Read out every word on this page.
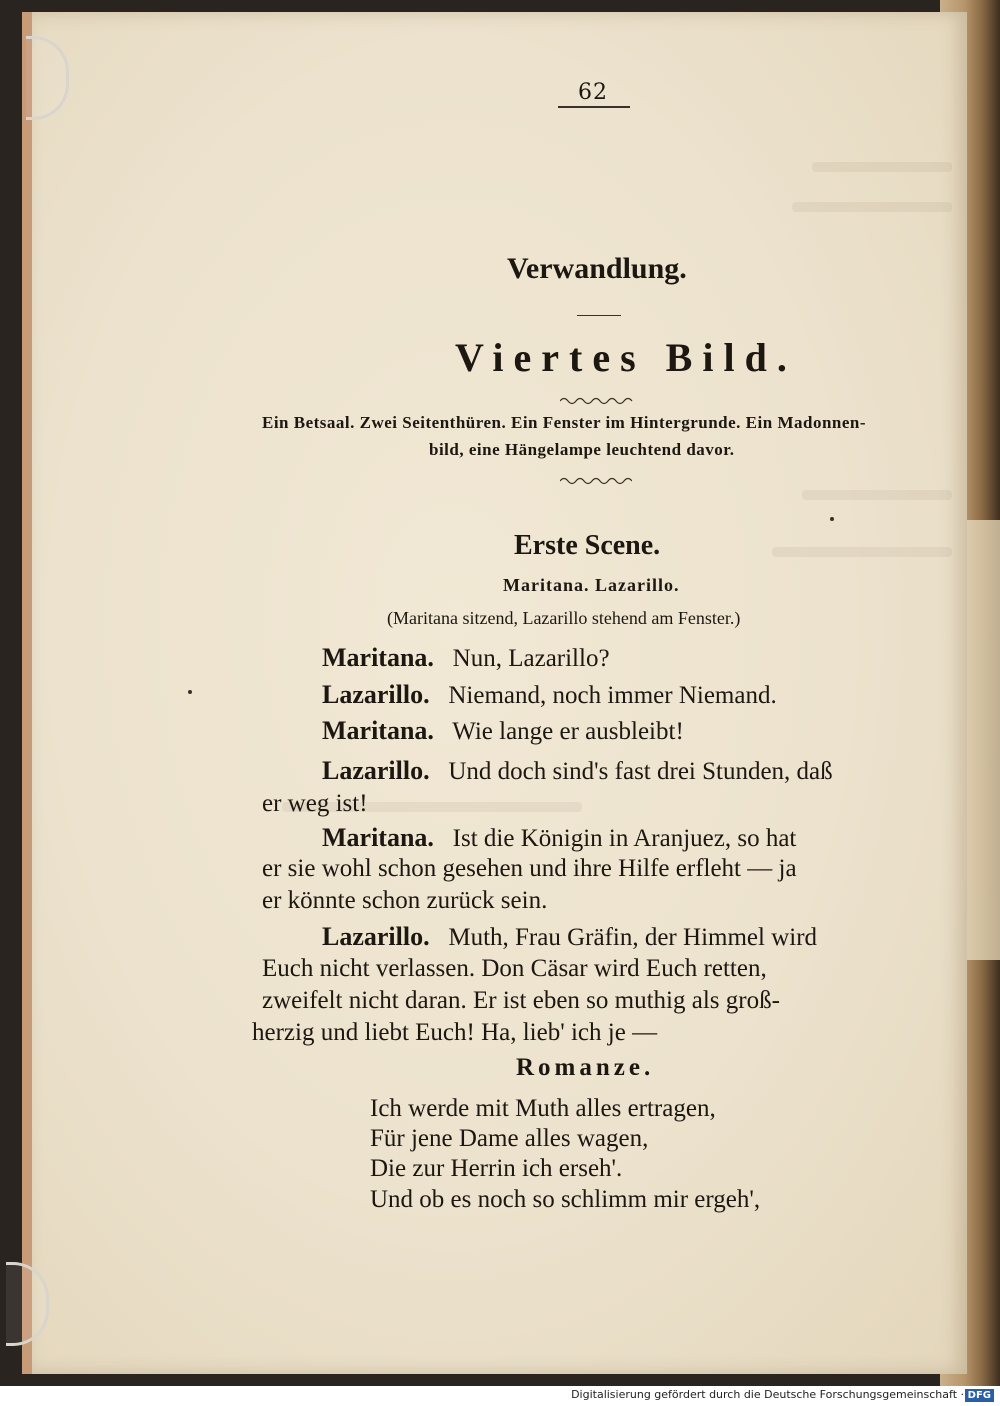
62
Verwandlung.
Viertes Bild.
Ein Betsaal. Zwei Seitenthüren. Ein Fenster im Hintergrunde. Ein Madonnen-
bild, eine Hängelampe leuchtend davor.
Erste Scene.
Maritana. Lazarillo.
(Maritana sitzend, Lazarillo stehend am Fenster.)
Maritana. Nun, Lazarillo?
Lazarillo. Niemand, noch immer Niemand.
Maritana. Wie lange er ausbleibt!
Lazarillo. Und doch sind's fast drei Stunden, daß
er weg ist!
Maritana. Ist die Königin in Aranjuez, so hat
er sie wohl schon gesehen und ihre Hilfe erfleht — ja
er könnte schon zurück sein.
Lazarillo. Muth, Frau Gräfin, der Himmel wird
Euch nicht verlassen. Don Cäsar wird Euch retten,
zweifelt nicht daran. Er ist eben so muthig als groß-
herzig und liebt Euch! Ha, lieb' ich je —
Romanze.
Ich werde mit Muth alles ertragen,
Für jene Dame alles wagen,
Die zur Herrin ich erseh'.
Und ob es noch so schlimm mir ergeh',
Digitalisierung gefördert durch die Deutsche Forschungsgemeinschaft · DFG
